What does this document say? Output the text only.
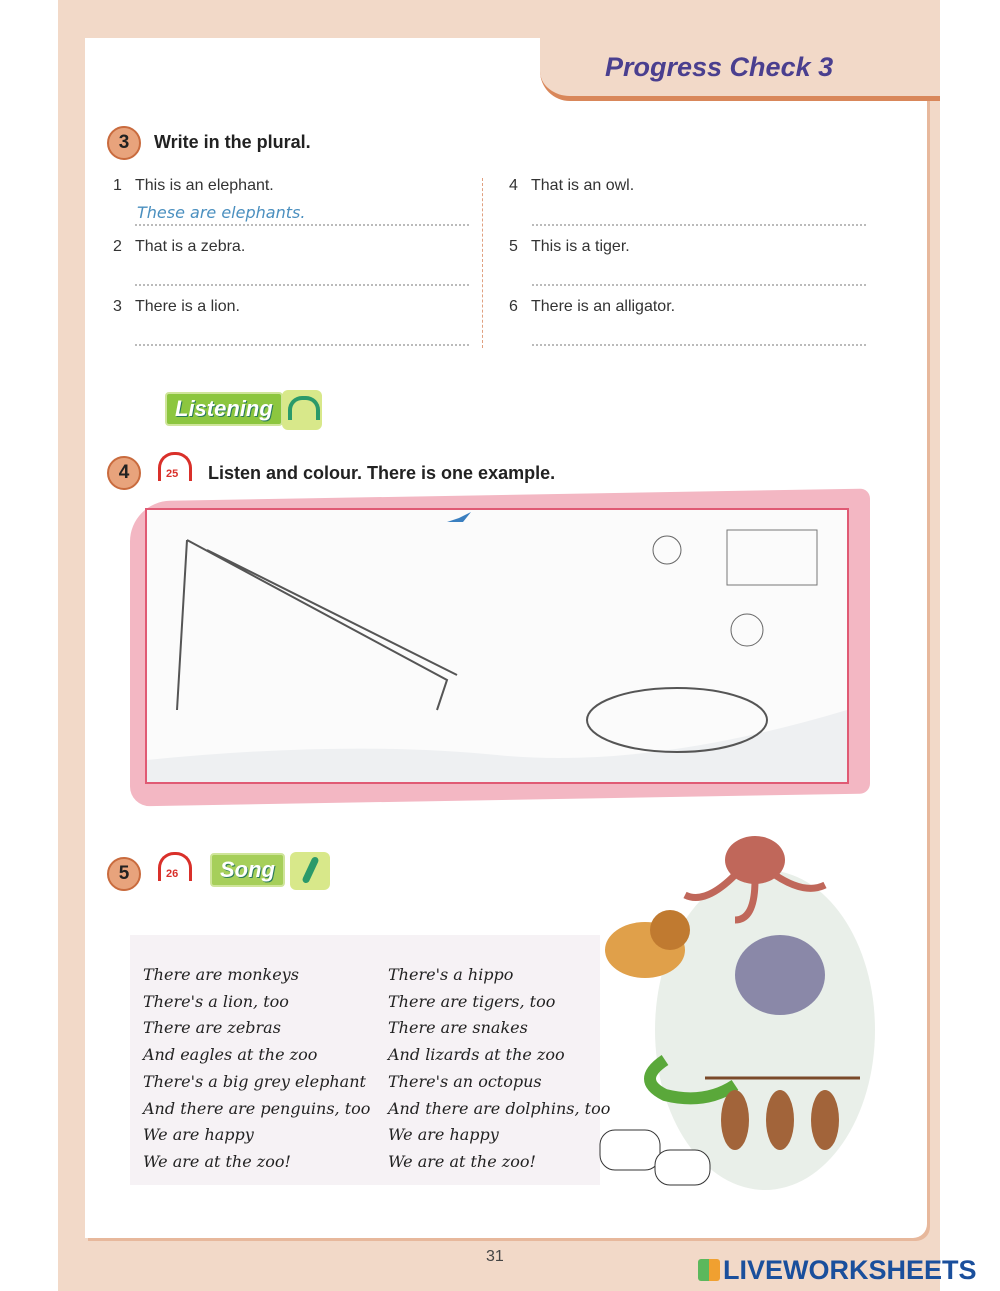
Progress Check 3
3	Write in the plural.
1 This is an elephant.
These are elephants.
2 That is a zebra.
3 There is a lion.
4 That is an owl.
5 This is a tiger.
6 There is an alligator.
Listening
4	25 Listen and colour. There is one example.
5	26	Song
There are monkeys
There's a lion, too
There are zebras
And eagles at the zoo
There's a big grey elephant
And there are penguins, too
We are happy
We are at the zoo!
There's a hippo
There are tigers, too
There are snakes
And lizards at the zoo
There's an octopus
And there are dolphins, too
We are happy
We are at the zoo!
31	LIVEWORKSHEETS
